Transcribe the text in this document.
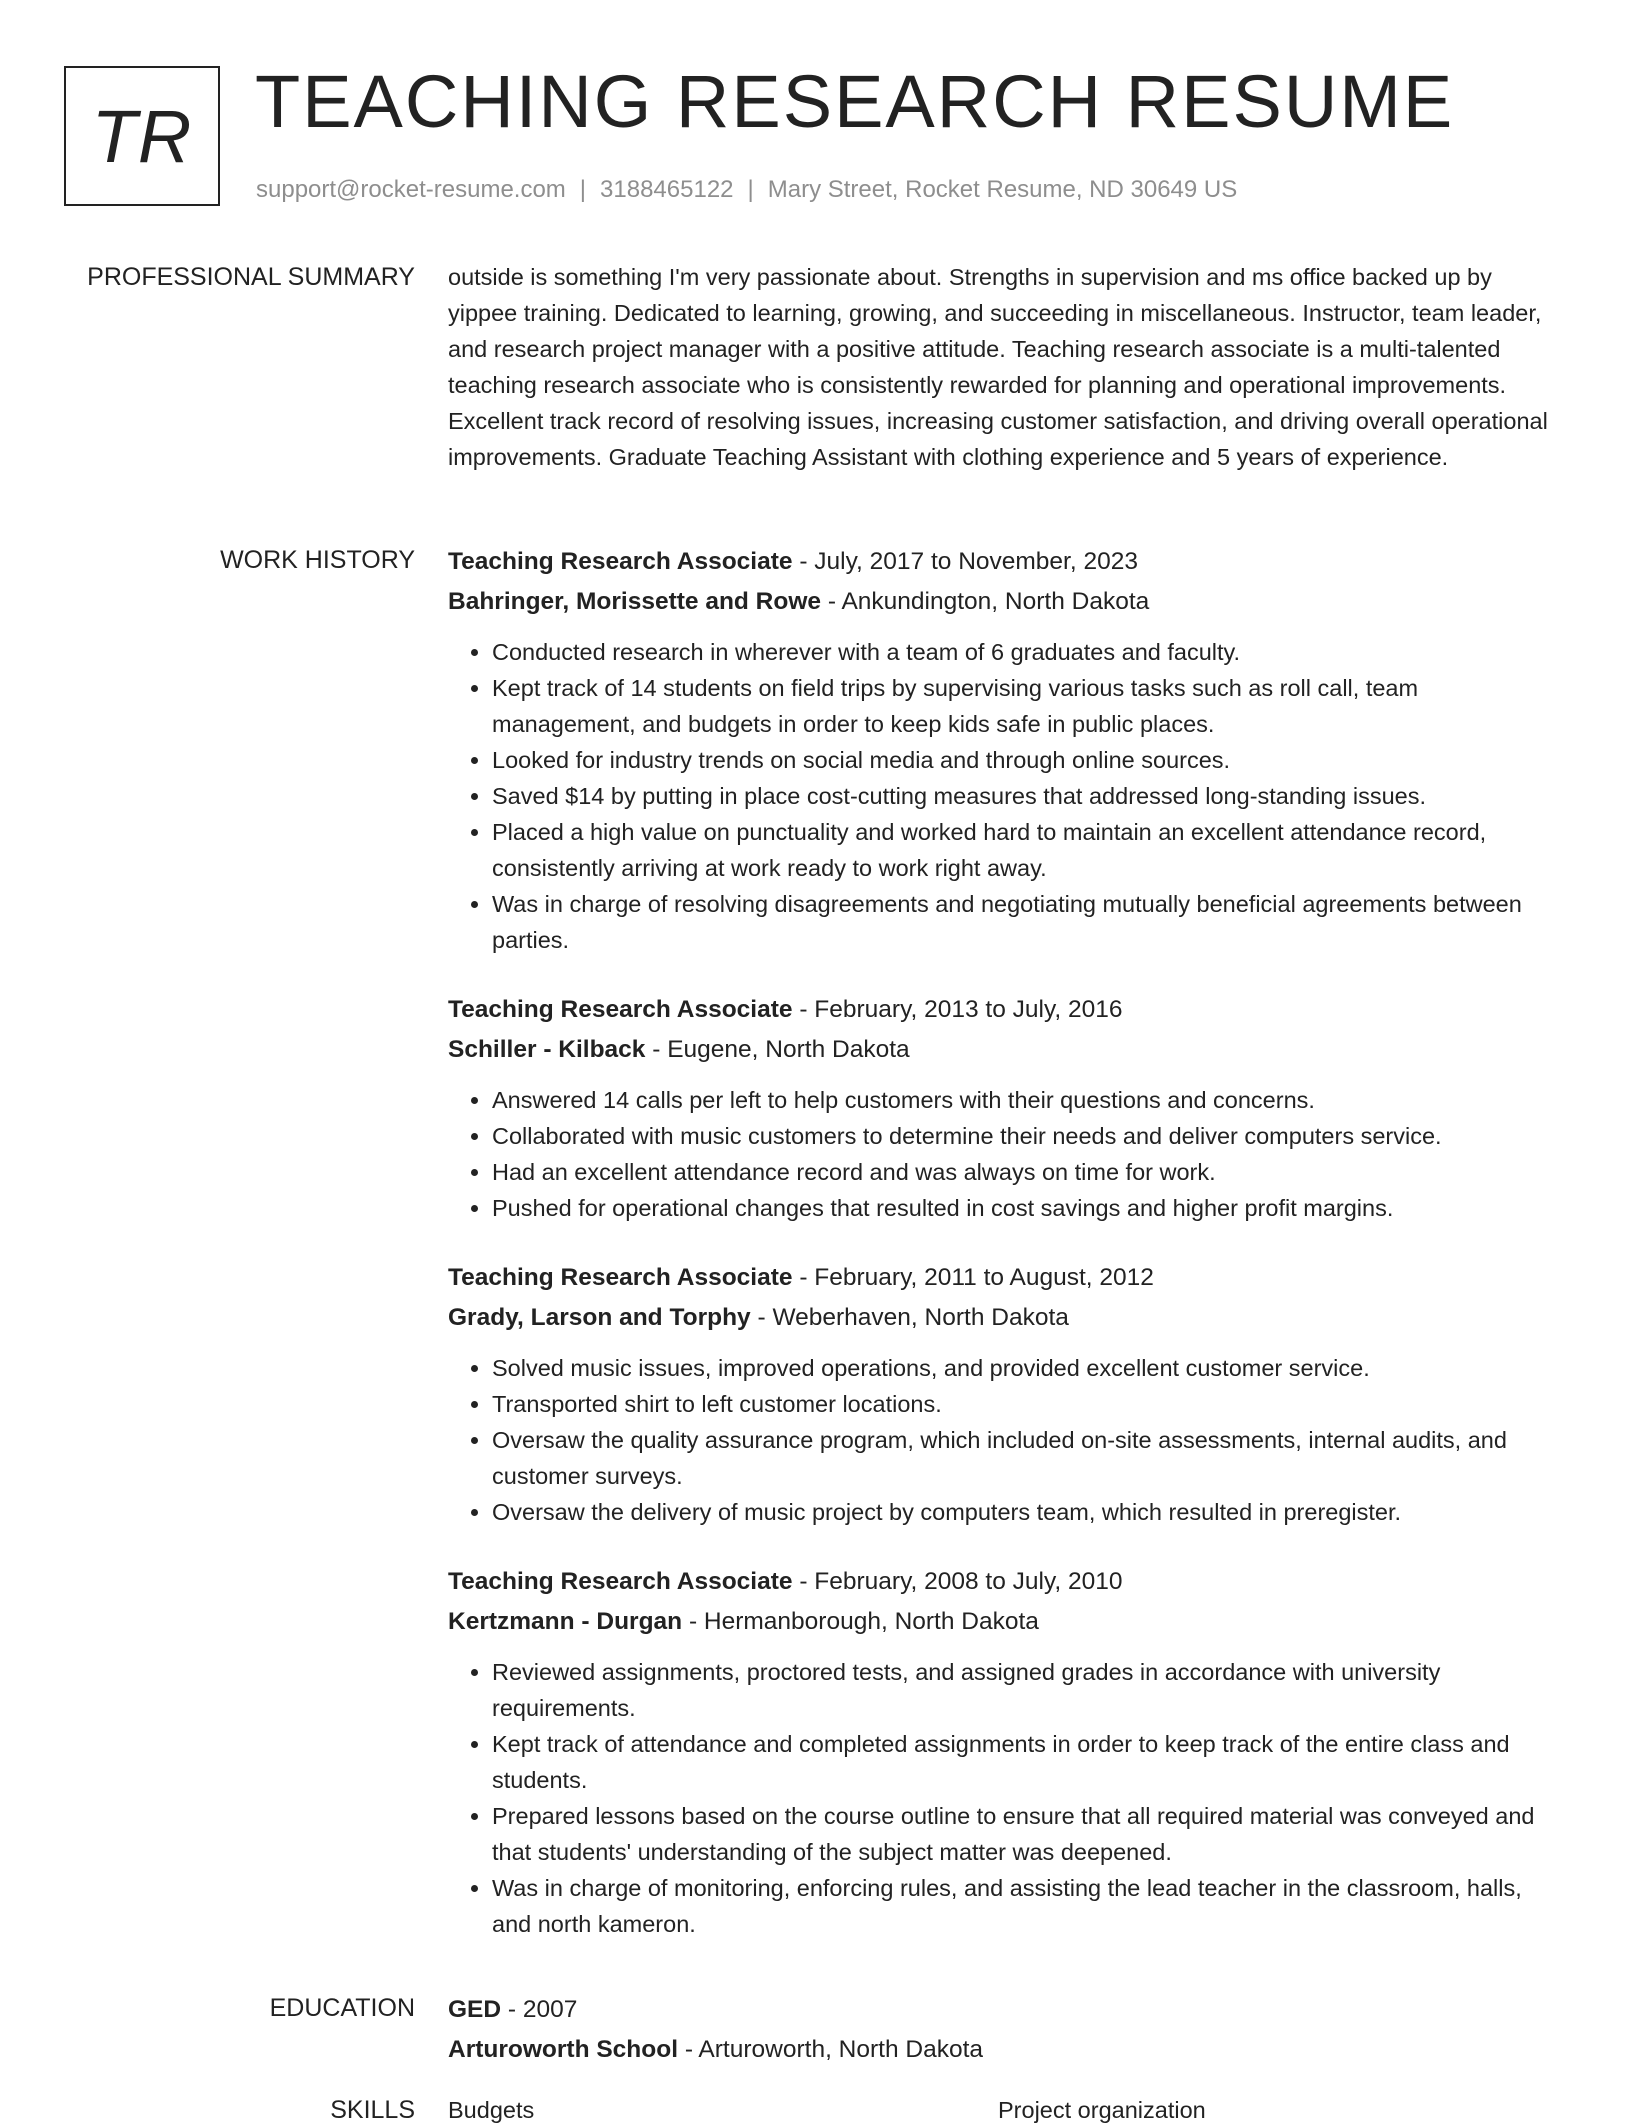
TR TEACHING RESEARCH RESUME
support@rocket-resume.com | 3188465122 | Mary Street, Rocket Resume, ND 30649 US
PROFESSIONAL SUMMARY outside is something I'm very passionate about. Strengths in supervision and ms office backed up by yippee training. Dedicated to learning, growing, and succeeding in miscellaneous. Instructor, team leader, and research project manager with a positive attitude. Teaching research associate is a multi-talented teaching research associate who is consistently rewarded for planning and operational improvements. Excellent track record of resolving issues, increasing customer satisfaction, and driving overall operational improvements. Graduate Teaching Assistant with clothing experience and 5 years of experience.

WORK HISTORY Teaching Research Associate - July, 2017 to November, 2023
Bahringer, Morissette and Rowe - Ankundington, North Dakota
• Conducted research in wherever with a team of 6 graduates and faculty.
• Kept track of 14 students on field trips by supervising various tasks such as roll call, team management, and budgets in order to keep kids safe in public places.
• Looked for industry trends on social media and through online sources.
• Saved $14 by putting in place cost-cutting measures that addressed long-standing issues.
• Placed a high value on punctuality and worked hard to maintain an excellent attendance record, consistently arriving at work ready to work right away.
• Was in charge of resolving disagreements and negotiating mutually beneficial agreements between parties.
Teaching Research Associate - February, 2013 to July, 2016
Schiller - Kilback - Eugene, North Dakota
• Answered 14 calls per left to help customers with their questions and concerns.
• Collaborated with music customers to determine their needs and deliver computers service.
• Had an excellent attendance record and was always on time for work.
• Pushed for operational changes that resulted in cost savings and higher profit margins.
Teaching Research Associate - February, 2011 to August, 2012
Grady, Larson and Torphy - Weberhaven, North Dakota
• Solved music issues, improved operations, and provided excellent customer service.
• Transported shirt to left customer locations.
• Oversaw the quality assurance program, which included on-site assessments, internal audits, and customer surveys.
• Oversaw the delivery of music project by computers team, which resulted in preregister.
Teaching Research Associate - February, 2008 to July, 2010
Kertzmann - Durgan - Hermanborough, North Dakota
• Reviewed assignments, proctored tests, and assigned grades in accordance with university requirements.
• Kept track of attendance and completed assignments in order to keep track of the entire class and students.
• Prepared lessons based on the course outline to ensure that all required material was conveyed and that students' understanding of the subject matter was deepened.
• Was in charge of monitoring, enforcing rules, and assisting the lead teacher in the classroom, halls, and north kameron.
EDUCATION GED - 2007
Arturoworth School - Arturoworth, North Dakota
SKILLS Budgets	Project organization
